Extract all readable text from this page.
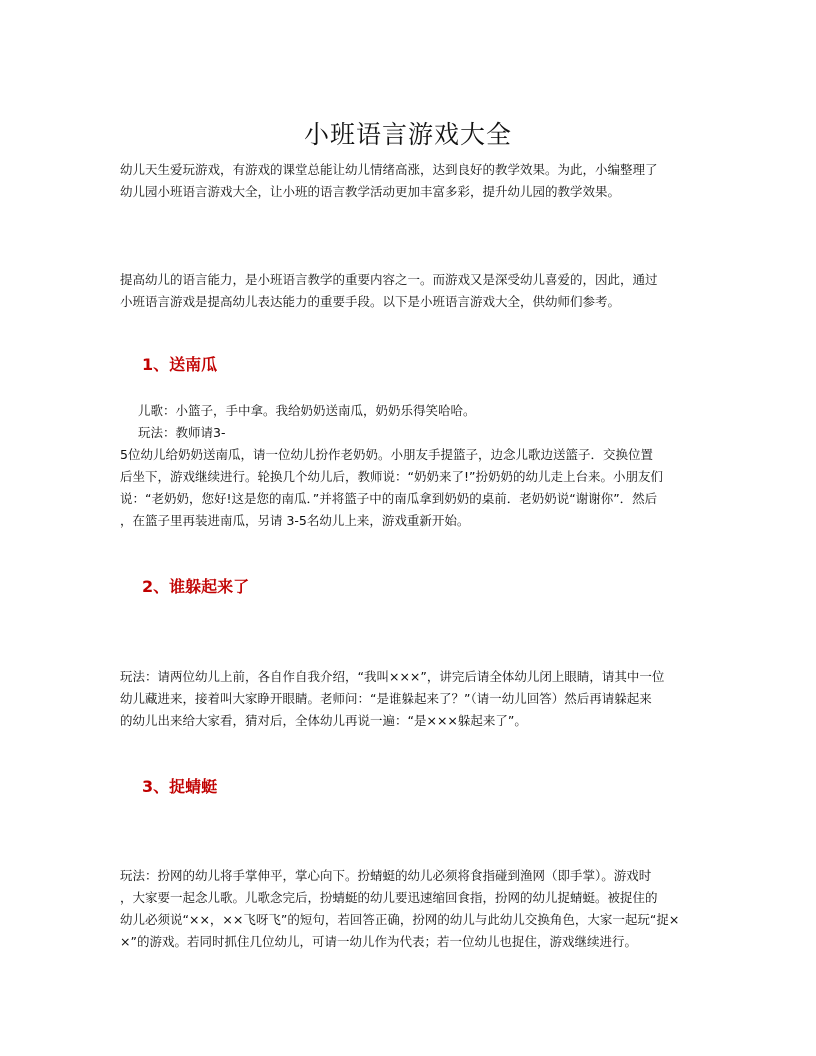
小班语言游戏大全
幼儿天生爱玩游戏，有游戏的课堂总能让幼儿情绪高涨，达到良好的教学效果。为此，小编整理了
幼儿园小班语言游戏大全，让小班的语言教学活动更加丰富多彩，提升幼儿园的教学效果。
提高幼儿的语言能力，是小班语言教学的重要内容之一。而游戏又是深受幼儿喜爱的，因此，通过
小班语言游戏是提高幼儿表达能力的重要手段。以下是小班语言游戏大全，供幼师们参考。
1、送南瓜
儿歌：小篮子，手中拿。我给奶奶送南瓜，奶奶乐得笑哈哈。
玩法：教师请3-
5位幼儿给奶奶送南瓜，请一位幼儿扮作老奶奶。小朋友手提篮子，边念儿歌边送篮子．交换位置
后坐下，游戏继续进行。轮换几个幼儿后，教师说：“奶奶来了!”扮奶奶的幼儿走上台来。小朋友们
说：“老奶奶，您好!这是您的南瓜．”并将篮子中的南瓜拿到奶奶的桌前．老奶奶说“谢谢你”．然后
，在篮子里再装进南瓜，另请 3-5名幼儿上来，游戏重新开始。
2、谁躲起来了
玩法：请两位幼儿上前，各自作自我介绍，“我叫×××”，讲完后请全体幼儿闭上眼睛，请其中一位
幼儿藏进来，接着叫大家睁开眼睛。老师问：“是谁躲起来了？”（请一幼儿回答）然后再请躲起来
的幼儿出来给大家看，猜对后，全体幼儿再说一遍：“是×××躲起来了”。
3、捉蜻蜓
玩法：扮网的幼儿将手掌伸平，掌心向下。扮蜻蜓的幼儿必须将食指碰到渔网（即手掌）。游戏时
，大家要一起念儿歌。儿歌念完后，扮蜻蜓的幼儿要迅速缩回食指，扮网的幼儿捉蜻蜓。被捉住的
幼儿必须说“××，××飞呀飞”的短句，若回答正确，扮网的幼儿与此幼儿交换角色，大家一起玩“捉×
×”的游戏。若同时抓住几位幼儿，可请一幼儿作为代表；若一位幼儿也捉住，游戏继续进行。
